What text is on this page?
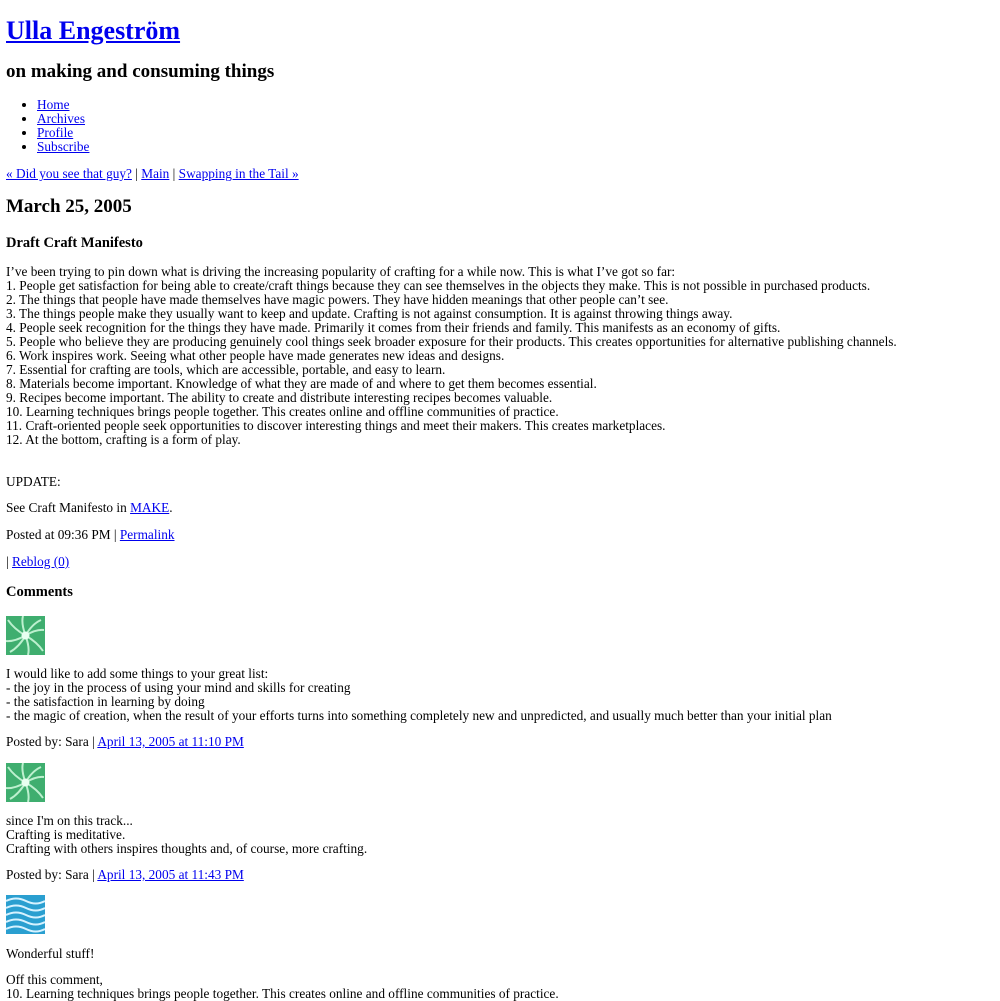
Ulla Engeström
on making and consuming things
• Home
• Archives
• Profile
• Subscribe
« Did you see that guy? | Main | Swapping in the Tail »
March 25, 2005
Draft Craft Manifesto
I’ve been trying to pin down what is driving the increasing popularity of crafting for a while now. This is what I’ve got so far:
1. People get satisfaction for being able to create/craft things because they can see themselves in the objects they make. This is not possible in purchased products.
2. The things that people have made themselves have magic powers. They have hidden meanings that other people can’t see.
3. The things people make they usually want to keep and update. Crafting is not against consumption. It is against throwing things away.
4. People seek recognition for the things they have made. Primarily it comes from their friends and family. This manifests as an economy of gifts.
5. People who believe they are producing genuinely cool things seek broader exposure for their products. This creates opportunities for alternative publishing channels.
6. Work inspires work. Seeing what other people have made generates new ideas and designs.
7. Essential for crafting are tools, which are accessible, portable, and easy to learn.
8. Materials become important. Knowledge of what they are made of and where to get them becomes essential.
9. Recipes become important. The ability to create and distribute interesting recipes becomes valuable.
10. Learning techniques brings people together. This creates online and offline communities of practice.
11. Craft-oriented people seek opportunities to discover interesting things and meet their makers. This creates marketplaces.
12. At the bottom, crafting is a form of play.
UPDATE:
See Craft Manifesto in MAKE.
Posted at 09:36 PM | Permalink
| Reblog (0)
Comments
I would like to add some things to your great list:
- the joy in the process of using your mind and skills for creating
- the satisfaction in learning by doing
- the magic of creation, when the result of your efforts turns into something completely new and unpredicted, and usually much better than your initial plan
Posted by: Sara | April 13, 2005 at 11:10 PM
since I'm on this track...
Crafting is meditative.
Crafting with others inspires thoughts and, of course, more crafting.
Posted by: Sara | April 13, 2005 at 11:43 PM
Wonderful stuff!
Off this comment,
10. Learning techniques brings people together. This creates online and offline communities of practice.
